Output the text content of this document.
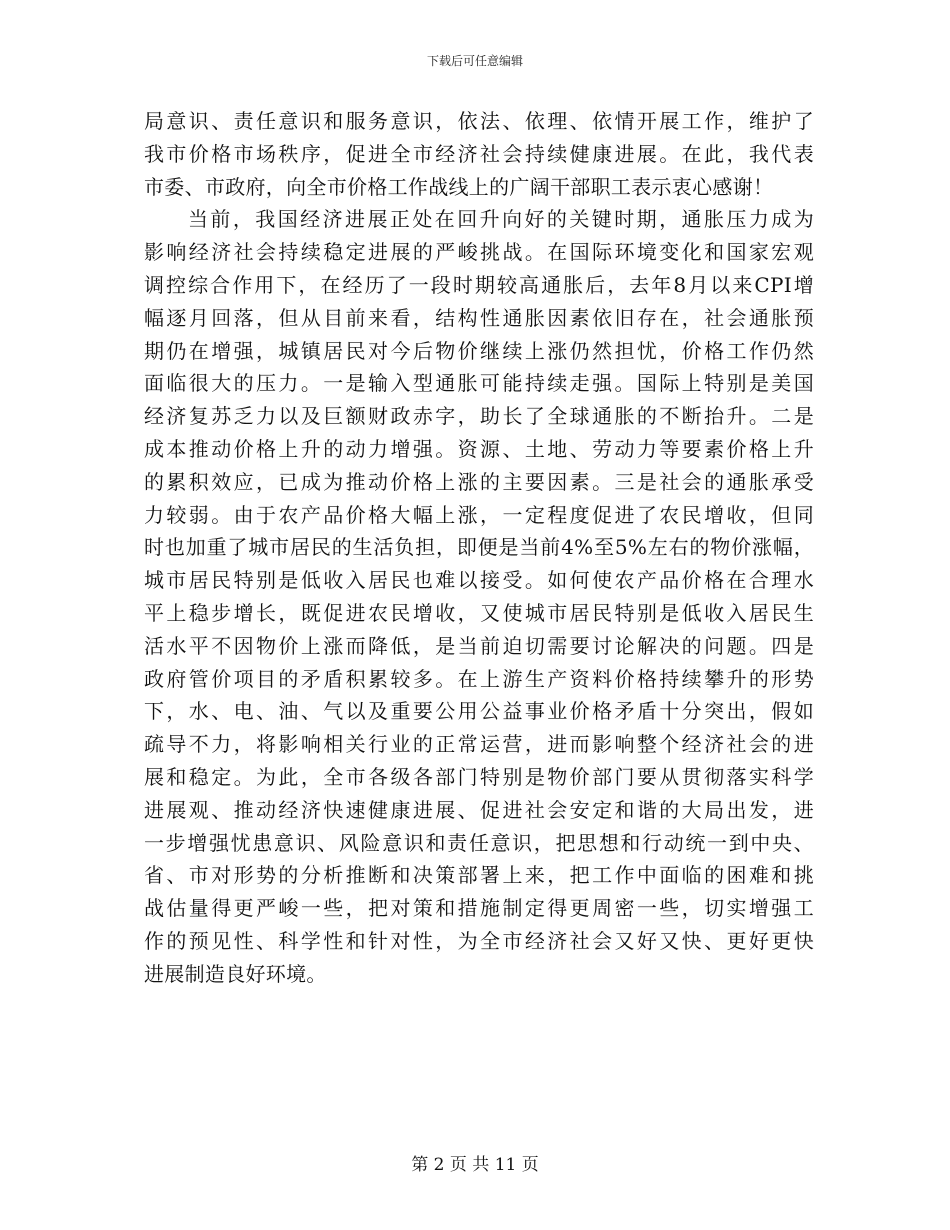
下载后可任意编辑
局意识、责任意识和服务意识，依法、依理、依情开展工作，维护了
我市价格市场秩序，促进全市经济社会持续健康进展。在此，我代表
市委、市政府，向全市价格工作战线上的广阔干部职工表示衷心感谢！
当前，我国经济进展正处在回升向好的关键时期，通胀压力成为
影响经济社会持续稳定进展的严峻挑战。在国际环境变化和国家宏观
调控综合作用下，在经历了一段时期较高通胀后，去年8月以来CPI增
幅逐月回落，但从目前来看，结构性通胀因素依旧存在，社会通胀预
期仍在增强，城镇居民对今后物价继续上涨仍然担忧，价格工作仍然
面临很大的压力。一是输入型通胀可能持续走强。国际上特别是美国
经济复苏乏力以及巨额财政赤字，助长了全球通胀的不断抬升。二是
成本推动价格上升的动力增强。资源、土地、劳动力等要素价格上升
的累积效应，已成为推动价格上涨的主要因素。三是社会的通胀承受
力较弱。由于农产品价格大幅上涨，一定程度促进了农民增收，但同
时也加重了城市居民的生活负担，即便是当前4%至5%左右的物价涨幅，
城市居民特别是低收入居民也难以接受。如何使农产品价格在合理水
平上稳步增长，既促进农民增收，又使城市居民特别是低收入居民生
活水平不因物价上涨而降低，是当前迫切需要讨论解决的问题。四是
政府管价项目的矛盾积累较多。在上游生产资料价格持续攀升的形势
下，水、电、油、气以及重要公用公益事业价格矛盾十分突出，假如
疏导不力，将影响相关行业的正常运营，进而影响整个经济社会的进
展和稳定。为此，全市各级各部门特别是物价部门要从贯彻落实科学
进展观、推动经济快速健康进展、促进社会安定和谐的大局出发，进
一步增强忧患意识、风险意识和责任意识，把思想和行动统一到中央、
省、市对形势的分析推断和决策部署上来，把工作中面临的困难和挑
战估量得更严峻一些，把对策和措施制定得更周密一些，切实增强工
作的预见性、科学性和针对性，为全市经济社会又好又快、更好更快
进展制造良好环境。
第 2 页 共 11 页
